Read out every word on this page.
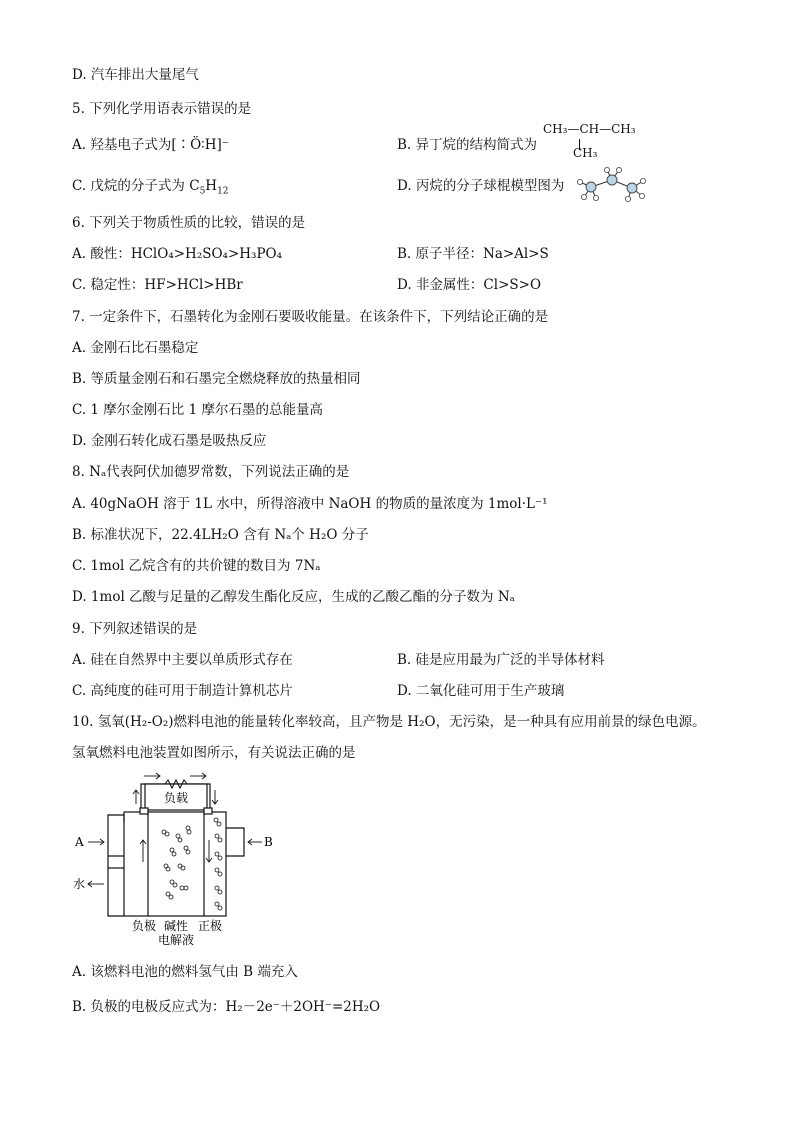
D. 汽车排出大量尾气
5. 下列化学用语表示错误的是
A. 羟基电子式为[∶Ö∶H]⁻	B. 异丁烷的结构简式为
CH₃—CH—CH₃
CH₃
C. 戊烷的分子式为 $C_5H_{12}$	D. 丙烷的分子球棍模型图为
6. 下列关于物质性质的比较，错误的是
A. 酸性：HClO₄>H₂SO₄>H₃PO₄	B. 原子半径：Na>Al>S
C. 稳定性：HF>HCl>HBr	D. 非金属性：Cl>S>O
7. 一定条件下，石墨转化为金刚石要吸收能量。在该条件下，下列结论正确的是
A. 金刚石比石墨稳定
B. 等质量金刚石和石墨完全燃烧释放的热量相同
C. 1 摩尔金刚石比 1 摩尔石墨的总能量高
D. 金刚石转化成石墨是吸热反应
8. Nₐ代表阿伏加德罗常数，下列说法正确的是
A. 40gNaOH 溶于 1L 水中，所得溶液中 NaOH 的物质的量浓度为 1mol·L⁻¹
B. 标准状况下，22.4LH₂O 含有 Nₐ个 H₂O 分子
C. 1mol 乙烷含有的共价键的数目为 7Nₐ
D. 1mol 乙酸与足量的乙醇发生酯化反应，生成的乙酸乙酯的分子数为 Nₐ
9. 下列叙述错误的是
A. 硅在自然界中主要以单质形式存在	B. 硅是应用最为广泛的半导体材料
C. 高纯度的硅可用于制造计算机芯片	D. 二氧化硅可用于生产玻璃
10. 氢氧(H₂-O₂)燃料电池的能量转化率较高，且产物是 H₂O，无污染，是一种具有应用前景的绿色电源。
氢氧燃料电池装置如图所示，有关说法正确的是
负载
A	B
水
负极 碱性 正极
电解液
A. 该燃料电池的燃料氢气由 B 端充入
B. 负极的电极反应式为：H₂－2e⁻＋2OH⁻=2H₂O
